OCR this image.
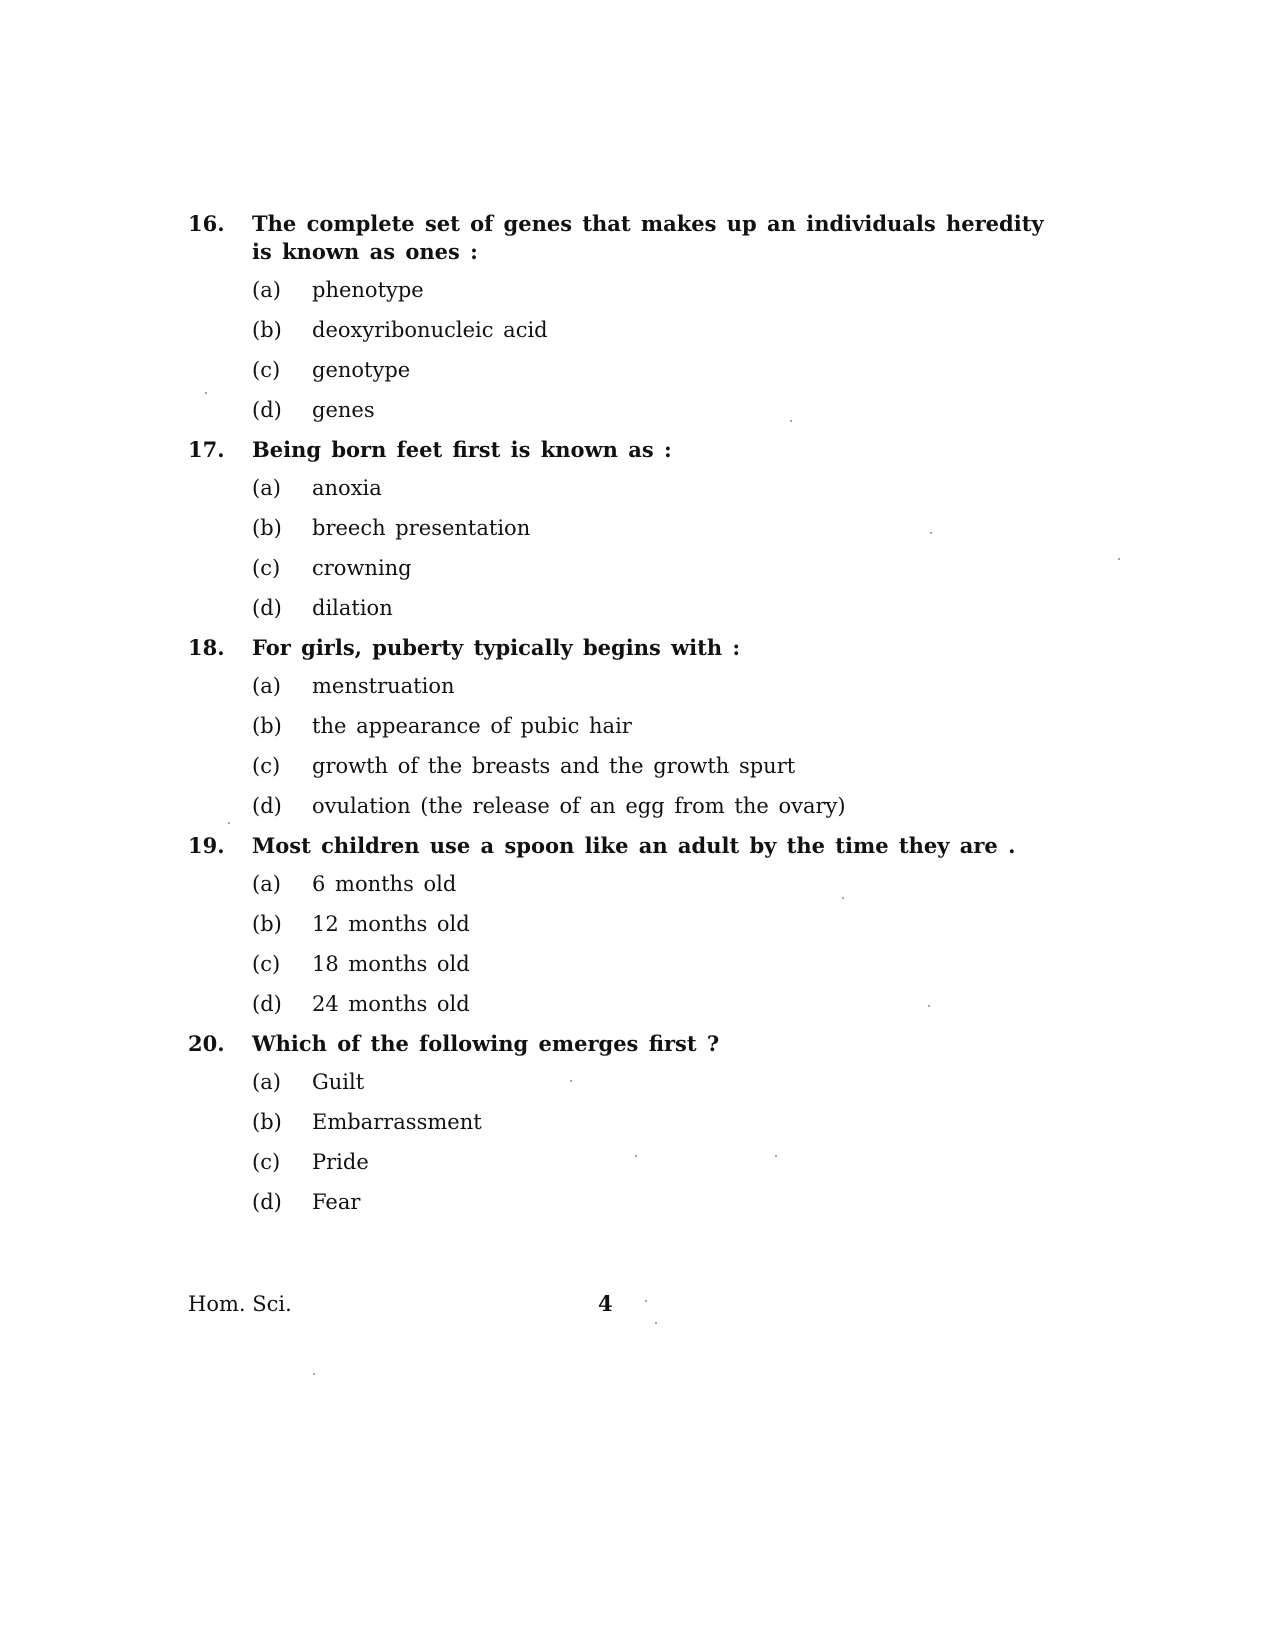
16.	The complete set of genes that makes up an individuals heredity is known as ones :
(a)	phenotype
(b)	deoxyribonucleic acid
(c)	genotype
(d)	genes
17.	Being born feet first is known as :
(a)	anoxia
(b)	breech presentation
(c)	crowning
(d)	dilation
18.	For girls, puberty typically begins with :
(a)	menstruation
(b)	the appearance of pubic hair
(c)	growth of the breasts and the growth spurt
(d)	ovulation (the release of an egg from the ovary)
19.	Most children use a spoon like an adult by the time they are .
(a)	6 months old
(b)	12 months old
(c)	18 months old
(d)	24 months old
20.	Which of the following emerges first ?
(a)	Guilt
(b)	Embarrassment
(c)	Pride
(d)	Fear
Hom. Sci.	4
